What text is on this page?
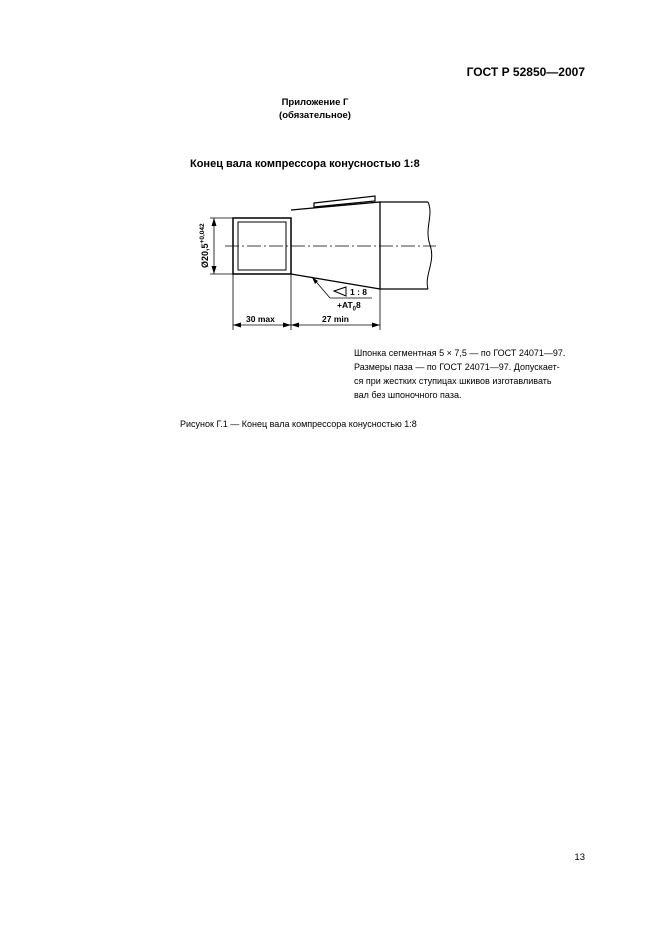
ГОСТ Р 52850—2007
Приложение Г
(обязательное)
Конец вала компрессора конусностью 1:8
$Ø20,5^{+0,042}$
30 max	27 min
1 : 8
$+AT_08$
Шпонка сегментная 5 × 7,5 — по ГОСТ 24071—97.
Размеры паза — по ГОСТ 24071—97. Допускает-
ся при жестких ступицах шкивов изготавливать
вал без шпоночного паза.
Рисунок Г.1 — Конец вала компрессора конусностью 1:8
13
